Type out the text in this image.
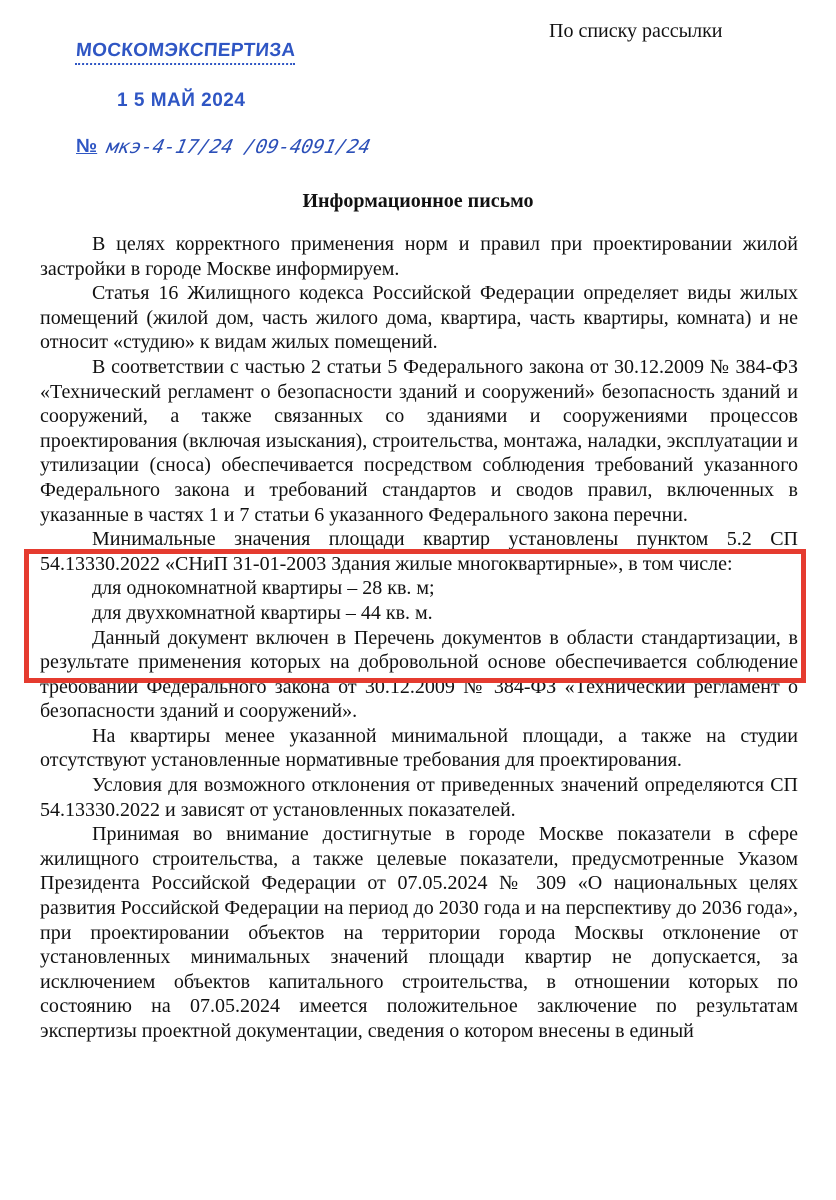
По списку рассылки
МОСКОМЭКСПЕРТИЗА
1 5 МАЙ 2024
№ мкэ-4-17/24 /09-4091/24
Информационное письмо

В целях корректного применения норм и правил при проектировании жилой застройки в городе Москве информируем.

Статья 16 Жилищного кодекса Российской Федерации определяет виды жилых помещений (жилой дом, часть жилого дома, квартира, часть квартиры, комната) и не относит «студию» к видам жилых помещений.

В соответствии с частью 2 статьи 5 Федерального закона от 30.12.2009 № 384-ФЗ «Технический регламент о безопасности зданий и сооружений» безопасность зданий и сооружений, а также связанных со зданиями и сооружениями процессов проектирования (включая изыскания), строительства, монтажа, наладки, эксплуатации и утилизации (сноса) обеспечивается посредством соблюдения требований указанного Федерального закона и требований стандартов и сводов правил, включенных в указанные в частях 1 и 7 статьи 6 указанного Федерального закона перечни.

Минимальные значения площади квартир установлены пунктом 5.2 СП 54.13330.2022 «СНиП 31-01-2003 Здания жилые многоквартирные», в том числе:

для однокомнатной квартиры – 28 кв. м;

для двухкомнатной квартиры – 44 кв. м.

Данный документ включен в Перечень документов в области стандартизации, в результате применения которых на добровольной основе обеспечивается соблюдение требований Федерального закона от 30.12.2009 № 384-ФЗ «Технический регламент о безопасности зданий и сооружений».

На квартиры менее указанной минимальной площади, а также на студии отсутствуют установленные нормативные требования для проектирования.

Условия для возможного отклонения от приведенных значений определяются СП 54.13330.2022 и зависят от установленных показателей.

Принимая во внимание достигнутые в городе Москве показатели в сфере жилищного строительства, а также целевые показатели, предусмотренные Указом Президента Российской Федерации от 07.05.2024 № 309 «О национальных целях развития Российской Федерации на период до 2030 года и на перспективу до 2036 года», при проектировании объектов на территории города Москвы отклонение от установленных минимальных значений площади квартир не допускается, за исключением объектов капитального строительства, в отношении которых по состоянию на 07.05.2024 имеется положительное заключение по результатам экспертизы проектной документации, сведения о котором внесены в единый
